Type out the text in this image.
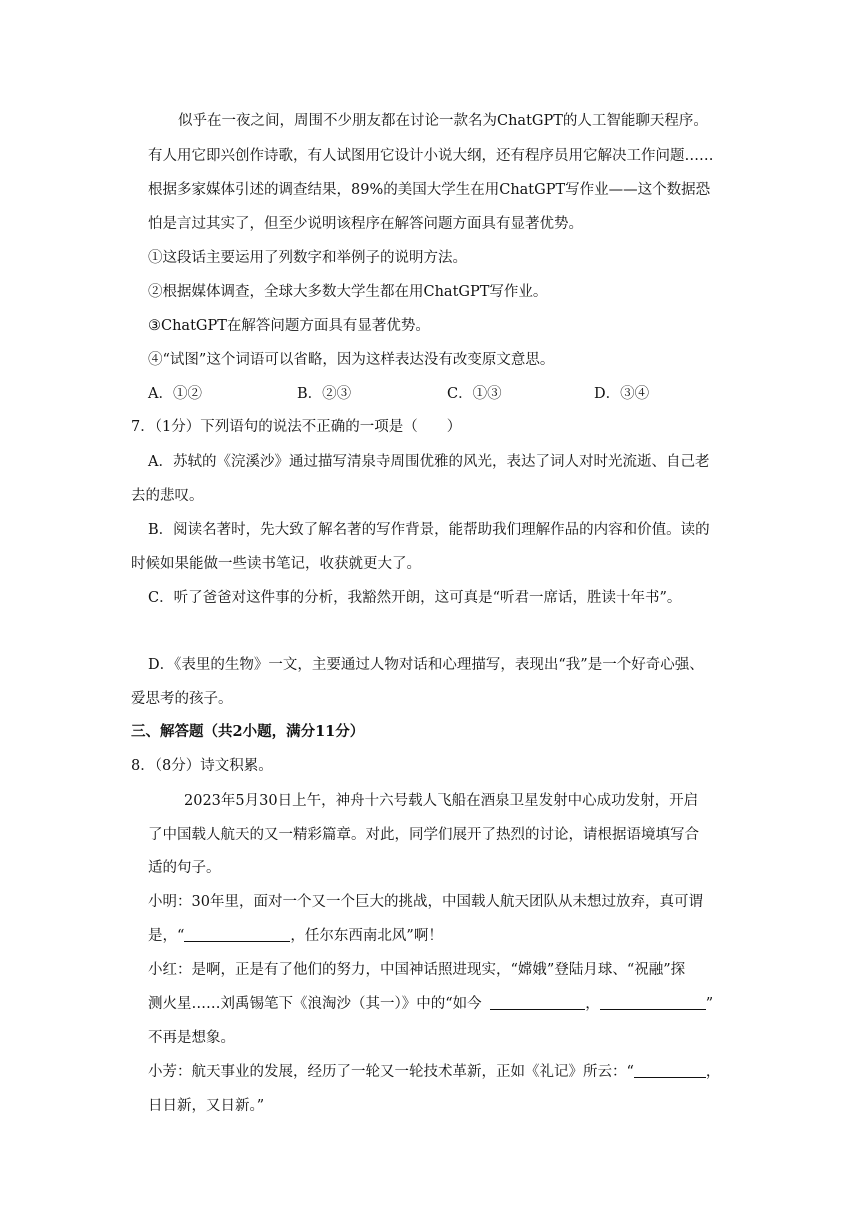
似乎在一夜之间，周围不少朋友都在讨论一款名为ChatGPT的人工智能聊天程序。
有人用它即兴创作诗歌，有人试图用它设计小说大纲，还有程序员用它解决工作问题……
根据多家媒体引述的调查结果，89%的美国大学生在用ChatGPT写作业——这个数据恐
怕是言过其实了，但至少说明该程序在解答问题方面具有显著优势。
①这段话主要运用了列数字和举例子的说明方法。
②根据媒体调查，全球大多数大学生都在用ChatGPT写作业。
③ChatGPT在解答问题方面具有显著优势。
④“试图”这个词语可以省略，因为这样表达没有改变原文意思。
A．①②	B．②③	C．①③	D．③④
7．（1分）下列语句的说法不正确的一项是（　　）
A．苏轼的《浣溪沙》通过描写清泉寺周围优雅的风光，表达了词人对时光流逝、自己老
去的悲叹。
B．阅读名著时，先大致了解名著的写作背景，能帮助我们理解作品的内容和价值。读的
时候如果能做一些读书笔记，收获就更大了。
C．听了爸爸对这件事的分析，我豁然开朗，这可真是“听君一席话，胜读十年书”。
D．《表里的生物》一文，主要通过人物对话和心理描写，表现出“我”是一个好奇心强、
爱思考的孩子。
三、解答题（共2小题，满分11分）
8．（8分）诗文积累。
2023年5月30日上午，神舟十六号载人飞船在酒泉卫星发射中心成功发射，开启
了中国载人航天的又一精彩篇章。对此，同学们展开了热烈的讨论，请根据语境填写合
适的句子。
小明：30年里，面对一个又一个巨大的挑战，中国载人航天团队从未想过放弃，真可谓
是，“	，任尔东西南北风”啊！
小红：是啊，正是有了他们的努力，中国神话照进现实，“嫦娥”登陆月球、“祝融”探
测火星……刘禹锡笔下《浪淘沙（其一）》中的“如今	，	”
不再是想象。
小芳：航天事业的发展，经历了一轮又一轮技术革新，正如《礼记》所云：“	，
日日新，又日新。”
